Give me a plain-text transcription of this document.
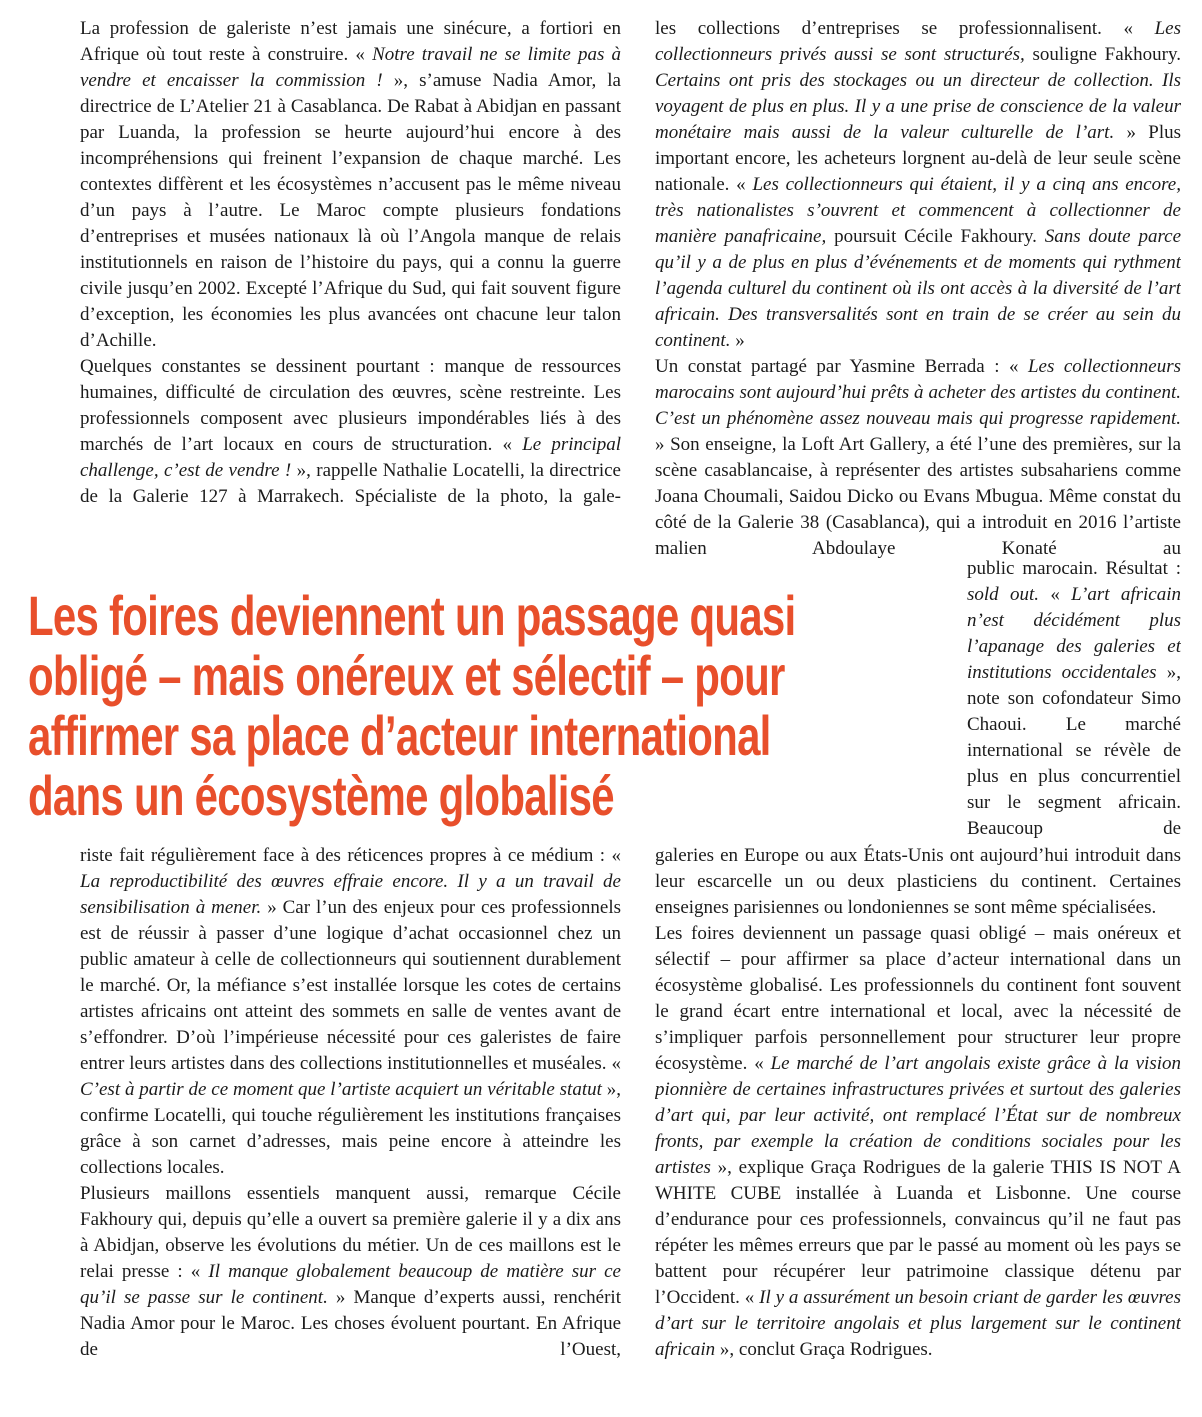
La profession de galeriste n’est jamais une sinécure, a fortiori en Afrique où tout reste à construire. « Notre travail ne se limite pas à vendre et encaisser la commission ! », s’amuse Nadia Amor, la directrice de L’Atelier 21 à Casablanca. De Rabat à Abidjan en passant par Luanda, la profession se heurte aujourd’hui encore à des incompréhensions qui freinent l’expansion de chaque marché. Les contextes diffèrent et les écosystèmes n’accusent pas le même niveau d’un pays à l’autre. Le Maroc compte plusieurs fondations d’entreprises et musées nationaux là où l’Angola manque de relais institutionnels en raison de l’histoire du pays, qui a connu la guerre civile jusqu’en 2002. Excepté l’Afrique du Sud, qui fait souvent figure d’exception, les économies les plus avancées ont chacune leur talon d’Achille.

Quelques constantes se dessinent pourtant : manque de ressources humaines, difficulté de circulation des œuvres, scène restreinte. Les professionnels composent avec plusieurs impondérables liés à des marchés de l’art locaux en cours de structuration. « Le principal challenge, c’est de vendre ! », rappelle Nathalie Locatelli, la directrice de la Galerie 127 à Marrakech. Spécialiste de la photo, la gale-

les collections d’entreprises se professionnalisent. « Les collectionneurs privés aussi se sont structurés, souligne Fakhoury. Certains ont pris des stockages ou un directeur de collection. Ils voyagent de plus en plus. Il y a une prise de conscience de la valeur monétaire mais aussi de la valeur culturelle de l’art. » Plus important encore, les acheteurs lorgnent au-delà de leur seule scène nationale. « Les collectionneurs qui étaient, il y a cinq ans encore, très nationalistes s’ouvrent et commencent à collectionner de manière panafricaine, poursuit Cécile Fakhoury. Sans doute parce qu’il y a de plus en plus d’événements et de moments qui rythment l’agenda culturel du continent où ils ont accès à la diversité de l’art africain. Des transversalités sont en train de se créer au sein du continent. »

Un constat partagé par Yasmine Berrada : « Les collectionneurs marocains sont aujourd’hui prêts à acheter des artistes du continent. C’est un phénomène assez nouveau mais qui progresse rapidement. » Son enseigne, la Loft Art Gallery, a été l’une des premières, sur la scène casablancaise, à représenter des artistes subsahariens comme Joana Choumali, Saidou Dicko ou Evans Mbugua. Même constat du côté de la Galerie 38 (Casablanca), qui a introduit en 2016 l’artiste malien Abdoulaye Konaté au

public marocain. Résultat : sold out. « L’art africain n’est décidément plus l’apanage des galeries et institutions occidentales », note son cofondateur Simo Chaoui. Le marché international se révèle de plus en plus concurrentiel sur le segment africain. Beaucoup de

Les foires deviennent un passage quasi
obligé – mais onéreux et sélectif – pour
affirmer sa place d’acteur international
dans un écosystème globalisé

riste fait régulièrement face à des réticences propres à ce médium : « La reproductibilité des œuvres effraie encore. Il y a un travail de sensibilisation à mener. » Car l’un des enjeux pour ces professionnels est de réussir à passer d’une logique d’achat occasionnel chez un public amateur à celle de collectionneurs qui soutiennent durablement le marché. Or, la méfiance s’est installée lorsque les cotes de certains artistes africains ont atteint des sommets en salle de ventes avant de s’effondrer. D’où l’impérieuse nécessité pour ces galeristes de faire entrer leurs artistes dans des collections institutionnelles et muséales. « C’est à partir de ce moment que l’artiste acquiert un véritable statut », confirme Locatelli, qui touche régulièrement les institutions françaises grâce à son carnet d’adresses, mais peine encore à atteindre les collections locales.

Plusieurs maillons essentiels manquent aussi, remarque Cécile Fakhoury qui, depuis qu’elle a ouvert sa première galerie il y a dix ans à Abidjan, observe les évolutions du métier. Un de ces maillons est le relai presse : « Il manque globalement beaucoup de matière sur ce qu’il se passe sur le continent. » Manque d’experts aussi, renchérit Nadia Amor pour le Maroc. Les choses évoluent pourtant. En Afrique de l’Ouest,

galeries en Europe ou aux États-Unis ont aujourd’hui introduit dans leur escarcelle un ou deux plasticiens du continent. Certaines enseignes parisiennes ou londoniennes se sont même spécialisées.

Les foires deviennent un passage quasi obligé – mais onéreux et sélectif – pour affirmer sa place d’acteur international dans un écosystème globalisé. Les professionnels du continent font souvent le grand écart entre international et local, avec la nécessité de s’impliquer parfois personnellement pour structurer leur propre écosystème. « Le marché de l’art angolais existe grâce à la vision pionnière de certaines infrastructures privées et surtout des galeries d’art qui, par leur activité, ont remplacé l’État sur de nombreux fronts, par exemple la création de conditions sociales pour les artistes », explique Graça Rodrigues de la galerie THIS IS NOT A WHITE CUBE installée à Luanda et Lisbonne. Une course d’endurance pour ces professionnels, convaincus qu’il ne faut pas répéter les mêmes erreurs que par le passé au moment où les pays se battent pour récupérer leur patrimoine classique détenu par l’Occident. « Il y a assurément un besoin criant de garder les œuvres d’art sur le territoire angolais et plus largement sur le continent africain », conclut Graça Rodrigues.
